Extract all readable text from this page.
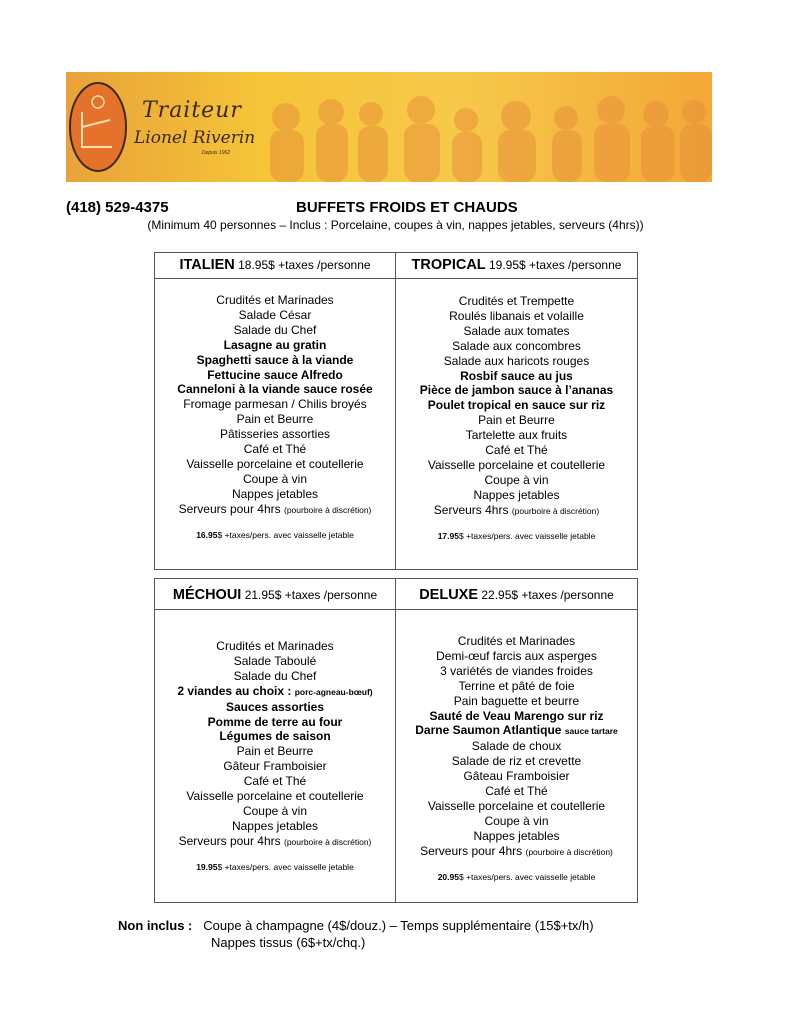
Traiteur
Lionel Riverin
Depuis 1962
(418) 529-4375	BUFFETS FROIDS ET CHAUDS
(Minimum 40 personnes – Inclus : Porcelaine, coupes à vin, nappes jetables, serveurs (4hrs))
ITALIEN 18.95$ +taxes /personne
Crudités et Marinades
Salade César
Salade du Chef
Lasagne au gratin
Spaghetti sauce à la viande
Fettucine sauce Alfredo
Canneloni à la viande sauce rosée
Fromage parmesan / Chilis broyés
Pain et Beurre
Pâtisseries assorties
Café et Thé
Vaisselle porcelaine et coutellerie
Coupe à vin
Nappes jetables
Serveurs pour 4hrs (pourboire à discrétion)
16.95$ +taxes/pers. avec vaisselle jetable
TROPICAL 19.95$ +taxes /personne
Crudités et Trempette
Roulés libanais et volaille
Salade aux tomates
Salade aux concombres
Salade aux haricots rouges
Rosbif sauce au jus
Pièce de jambon sauce à l’ananas
Poulet tropical en sauce sur riz
Pain et Beurre
Tartelette aux fruits
Café et Thé
Vaisselle porcelaine et coutellerie
Coupe à vin
Nappes jetables
Serveurs 4hrs (pourboire à discrétion)
17.95$ +taxes/pers. avec vaisselle jetable
MÉCHOUI 21.95$ +taxes /personne
Crudités et Marinades
Salade Taboulé
Salade du Chef
2 viandes au choix : porc-agneau-bœuf)
Sauces assorties
Pomme de terre au four
Légumes de saison
Pain et Beurre
Gâteur Framboisier
Café et Thé
Vaisselle porcelaine et coutellerie
Coupe à vin
Nappes jetables
Serveurs pour 4hrs (pourboire à discrétion)
19.95$ +taxes/pers. avec vaisselle jetable
DELUXE 22.95$ +taxes /personne
Crudités et Marinades
Demi-œuf farcis aux asperges
3 variétés de viandes froides
Terrine et pâté de foie
Pain baguette et beurre
Sauté de Veau Marengo sur riz
Darne Saumon Atlantique sauce tartare
Salade de choux
Salade de riz et crevette
Gâteau Framboisier
Café et Thé
Vaisselle porcelaine et coutellerie
Coupe à vin
Nappes jetables
Serveurs pour 4hrs (pourboire à discrétion)
20.95$ +taxes/pers. avec vaisselle jetable
Non inclus : Coupe à champagne (4$/douz.) – Temps supplémentaire (15$+tx/h)
Nappes tissus (6$+tx/chq.)
